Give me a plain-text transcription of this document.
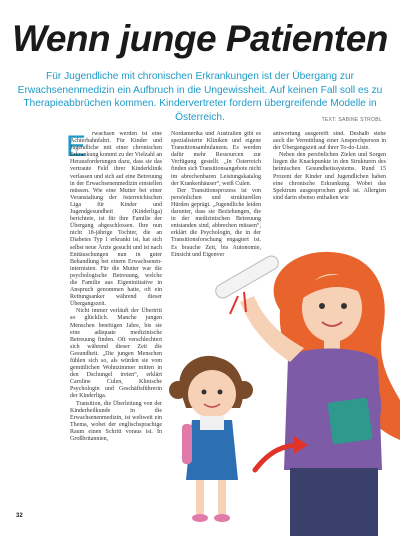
Wenn junge Patienten

Für Jugendliche mit chronischen Erkrankungen ist der Übergang zur Erwachsenenmedizin ein Aufbruch in die Ungewissheit. Auf keinen Fall soll es zu Therapieabbrüchen kommen. Kindervertreter fordern übergreifende Modelle in Österreich.	TEXT: SABINE STROBL
E rwachsen werden ist eine Achterbahnfahrt. Für Kinder und Jugendliche mit einer chronischen Erkrankung kommt zu der Vielzahl an Herausforderungen dazu, dass sie das vertraute Feld ihrer Kinderklinik verlassen und sich auf eine Betreuung in der Erwachsenenmedizin einstellen müssen. Wie eine Mutter bei einer Veranstaltung der österreichischen Liga für Kinder und Jugendgesundheit (Kinderliga) berichtete, ist für ihre Familie der Übergang abgeschlossen. Ihre nun nicht 18-jährige Tochter, die an Diabetes Typ 1 erkrankt ist, hat sich selbst neue Ärzte gesucht und ist nach Enttäuschungen nun in guter Behandlung bei einem Erwachsenen-internisten. Für die Mutter war die psychologische Betreuung, welche die Familie aus Eigeninitiative in Anspruch genommen hatte, oft ein Rettungsanker während dieser Übergangszeit.

Nicht immer verläuft der Übertritt so glücklich. Manche jungen Menschen benötigen Jahre, bis sie eine adäquate medizinische Betreuung finden. Oft verschlechtert sich während dieser Zeit die Gesundheit. „Die jungen Menschen fühlen sich so, als würden sie vom gemütlichen Wohnzimmer mitten in den Dschungel treten“, erklärt Caroline Culen, Klinische Psychologin und Geschäftsführerin der Kinderliga.

Transition, die Überleitung von der Kinderheilkunde in die Erwachsenenmedizin, ist weltweit ein Thema, wobei der englischsprachige Raum einen Schritt voraus ist. In Großbritannien,

Nordamerika und Australien gibt es spezialisierte Kliniken und eigene Transitionsambulanzen. Es werden dafür mehr Ressourcen zur Verfügung gestellt. „In Österreich finden sich Transitionsangebote nicht im abrechenbaren Leistungskatalog der Krankenhäuser“, weiß Culen.

Der Transitionsprozess ist von persönlichen und strukturellen Hürden geprägt. „Jugendliche leiden darunter, dass sie Beziehungen, die in der medizinischen Betreuung entstanden sind, abbrechen müssen“, erklärt die Psychologin, die in der Transitionsforschung engagiert ist. Es brauche Zeit, bis Autonomie, Einsicht und Eigenver

antwortung ausgereift sind. Deshalb stehe auch die Vermittlung einer Ansprechperson in der Übergangszeit auf ihrer To-do-Liste.

Neben den persönlichen Zielen und Sorgen liegen die Knackpunkte in den Strukturen des heimischen Gesundheitssystems. Rund 15 Prozent der Kinder und Jugendlichen haben eine chronische Erkrankung. Wobei das Spektrum ausgesprochen groß ist. Allergien sind darin ebenso enthalten wie

32
